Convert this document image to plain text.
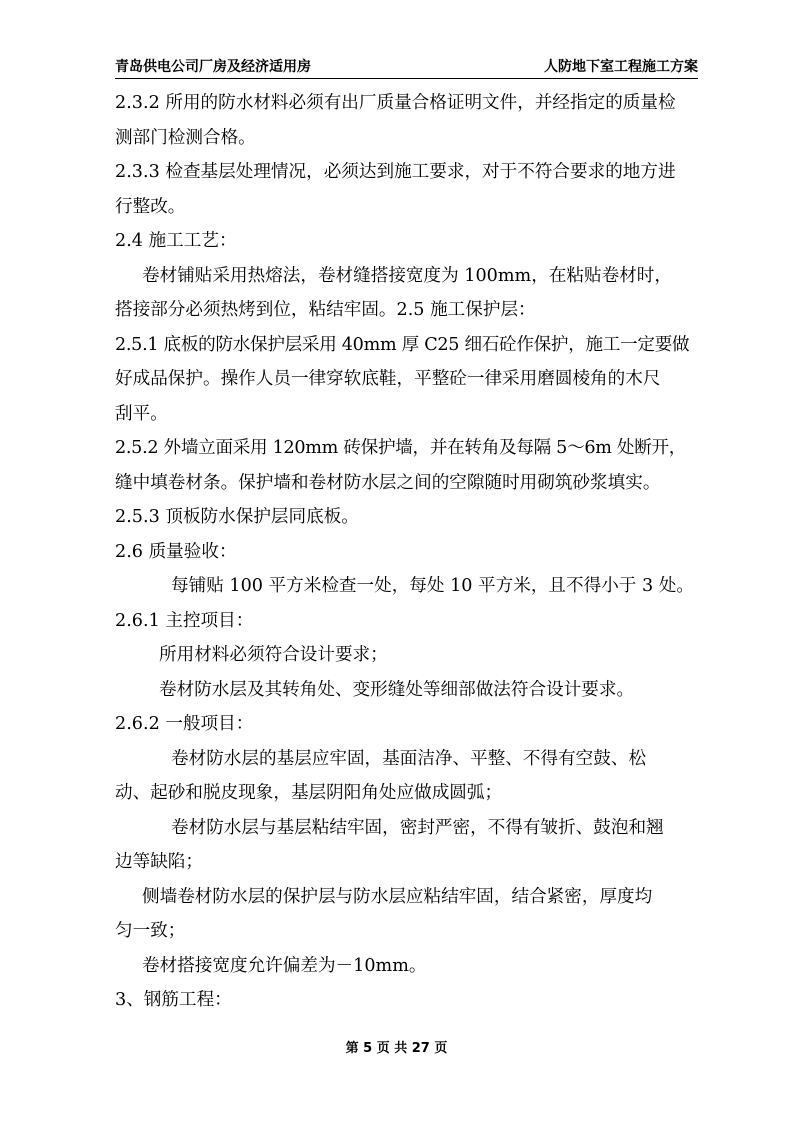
青岛供电公司厂房及经济适用房	人防地下室工程施工方案
2.3.2 所用的防水材料必须有出厂质量合格证明文件，并经指定的质量检
测部门检测合格。
2.3.3 检查基层处理情况，必须达到施工要求，对于不符合要求的地方进
行整改。
2.4 施工工艺：
卷材铺贴采用热熔法，卷材缝搭接宽度为 100mm，在粘贴卷材时，
搭接部分必须热烤到位，粘结牢固。2.5 施工保护层：
2.5.1 底板的防水保护层采用 40mm 厚 C25 细石砼作保护，施工一定要做
好成品保护。操作人员一律穿软底鞋，平整砼一律采用磨圆棱角的木尺
刮平。
2.5.2 外墙立面采用 120mm 砖保护墙，并在转角及每隔 5～6m 处断开，
缝中填卷材条。保护墙和卷材防水层之间的空隙随时用砌筑砂浆填实。
2.5.3 顶板防水保护层同底板。
2.6 质量验收：
每铺贴 100 平方米检查一处，每处 10 平方米，且不得小于 3 处。
2.6.1 主控项目：
所用材料必须符合设计要求；
卷材防水层及其转角处、变形缝处等细部做法符合设计要求。
2.6.2 一般项目：
卷材防水层的基层应牢固，基面洁净、平整、不得有空鼓、松
动、起砂和脱皮现象，基层阴阳角处应做成圆弧；
卷材防水层与基层粘结牢固，密封严密，不得有皱折、鼓泡和翘
边等缺陷；
侧墙卷材防水层的保护层与防水层应粘结牢固，结合紧密，厚度均
匀一致；
卷材搭接宽度允许偏差为－10mm。
3、钢筋工程：
第 5 页 共 27 页
